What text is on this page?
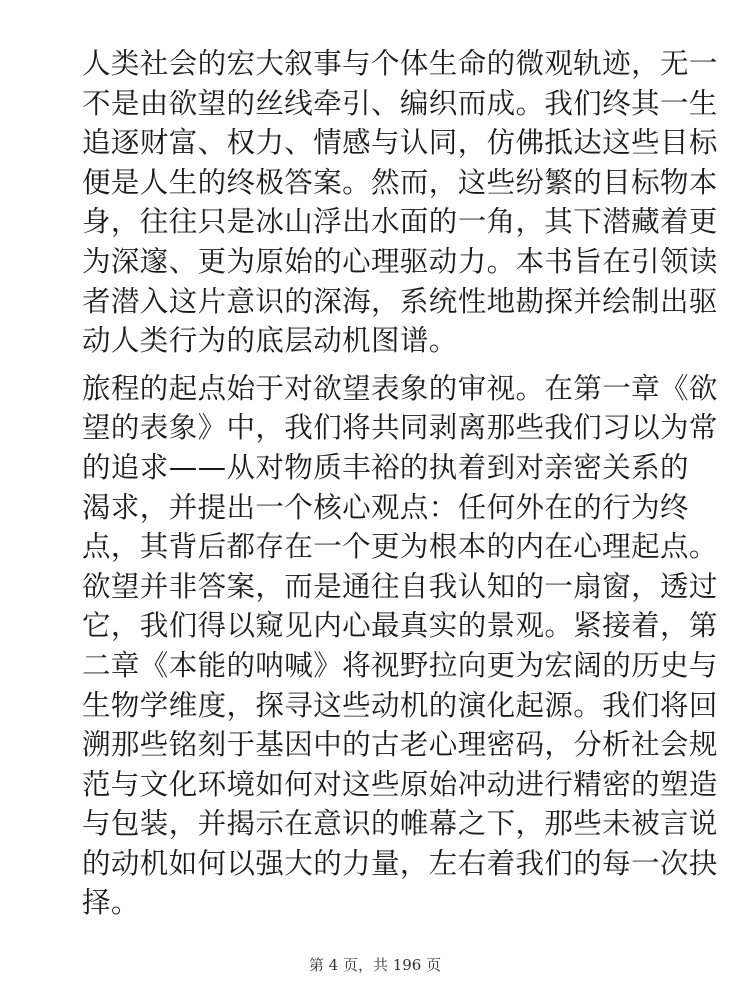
人类社会的宏大叙事与个体生命的微观轨迹，无一
不是由欲望的丝线牵引、编织而成。我们终其一生
追逐财富、权力、情感与认同，仿佛抵达这些目标
便是人生的终极答案。然而，这些纷繁的目标物本
身，往往只是冰山浮出水面的一角，其下潜藏着更
为深邃、更为原始的心理驱动力。本书旨在引领读
者潜入这片意识的深海，系统性地勘探并绘制出驱
动人类行为的底层动机图谱。

旅程的起点始于对欲望表象的审视。在第一章《欲
望的表象》中，我们将共同剥离那些我们习以为常
的追求——从对物质丰裕的执着到对亲密关系的
渴求，并提出一个核心观点：任何外在的行为终
点，其背后都存在一个更为根本的内在心理起点。
欲望并非答案，而是通往自我认知的一扇窗，透过
它，我们得以窥见内心最真实的景观。紧接着，第
二章《本能的呐喊》将视野拉向更为宏阔的历史与
生物学维度，探寻这些动机的演化起源。我们将回
溯那些铭刻于基因中的古老心理密码，分析社会规
范与文化环境如何对这些原始冲动进行精密的塑造
与包装，并揭示在意识的帷幕之下，那些未被言说
的动机如何以强大的力量，左右着我们的每一次抉
择。

第 4 页，共 196 页
